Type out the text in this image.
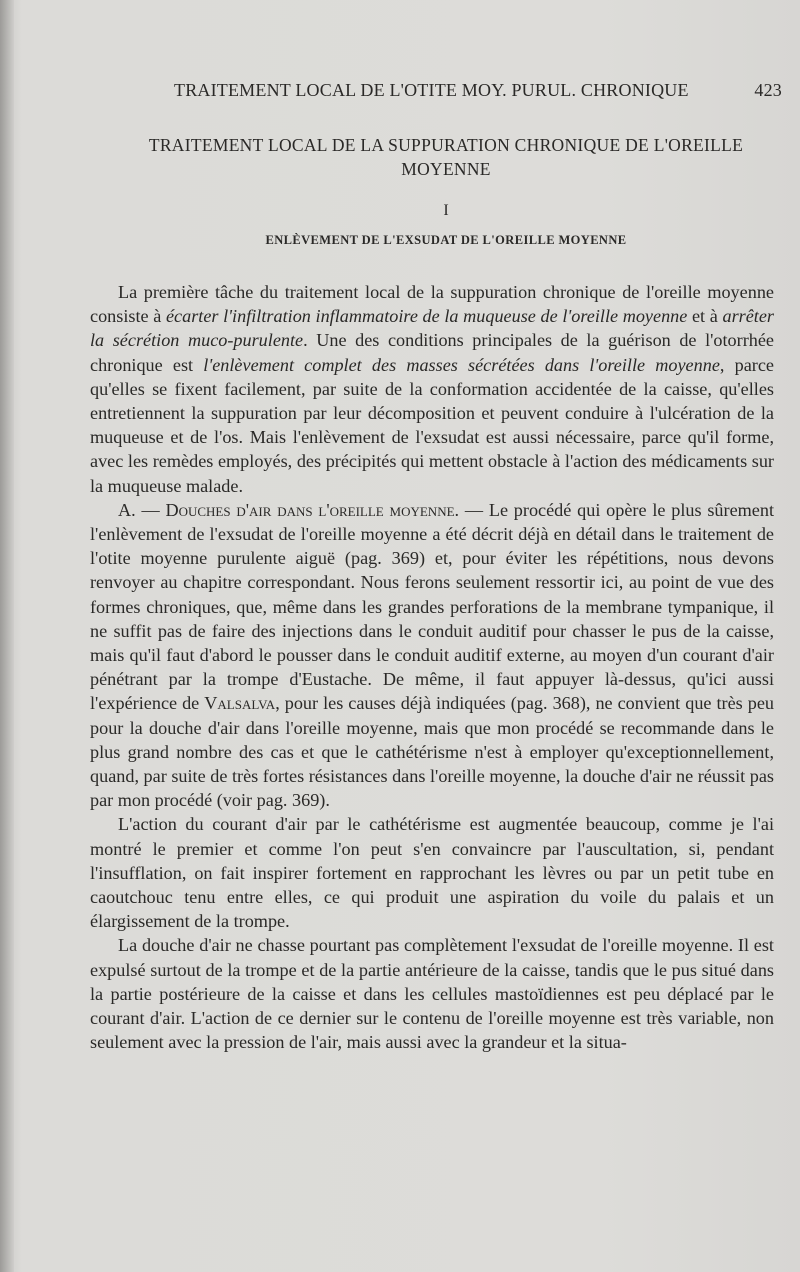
TRAITEMENT LOCAL DE L'OTITE MOY. PURUL. CHRONIQUE	423
TRAITEMENT LOCAL DE LA SUPPURATION CHRONIQUE DE L'OREILLE MOYENNE
I
ENLÈVEMENT DE L'EXSUDAT DE L'OREILLE MOYENNE

La première tâche du traitement local de la suppuration chronique de l'oreille moyenne consiste à écarter l'infiltration inflammatoire de la muqueuse de l'oreille moyenne et à arrêter la sécrétion muco-purulente. Une des conditions principales de la guérison de l'otorrhée chronique est l'enlèvement complet des masses sécrétées dans l'oreille moyenne, parce qu'elles se fixent facilement, par suite de la conformation accidentée de la caisse, qu'elles entretiennent la suppuration par leur décomposition et peuvent conduire à l'ulcération de la muqueuse et de l'os. Mais l'enlèvement de l'exsudat est aussi nécessaire, parce qu'il forme, avec les remèdes employés, des précipités qui mettent obstacle à l'action des médicaments sur la muqueuse malade.

A. — Douches d'air dans l'oreille moyenne. — Le procédé qui opère le plus sûrement l'enlèvement de l'exsudat de l'oreille moyenne a été décrit déjà en détail dans le traitement de l'otite moyenne purulente aiguë (pag. 369) et, pour éviter les répétitions, nous devons renvoyer au chapitre correspondant. Nous ferons seulement ressortir ici, au point de vue des formes chroniques, que, même dans les grandes perforations de la membrane tympanique, il ne suffit pas de faire des injections dans le conduit auditif pour chasser le pus de la caisse, mais qu'il faut d'abord le pousser dans le conduit auditif externe, au moyen d'un courant d'air pénétrant par la trompe d'Eustache. De même, il faut appuyer là-dessus, qu'ici aussi l'expérience de Valsalva, pour les causes déjà indiquées (pag. 368), ne convient que très peu pour la douche d'air dans l'oreille moyenne, mais que mon procédé se recommande dans le plus grand nombre des cas et que le cathétérisme n'est à employer qu'exceptionnellement, quand, par suite de très fortes résistances dans l'oreille moyenne, la douche d'air ne réussit pas par mon procédé (voir pag. 369).

L'action du courant d'air par le cathétérisme est augmentée beaucoup, comme je l'ai montré le premier et comme l'on peut s'en convaincre par l'auscultation, si, pendant l'insufflation, on fait inspirer fortement en rapprochant les lèvres ou par un petit tube en caoutchouc tenu entre elles, ce qui produit une aspiration du voile du palais et un élargissement de la trompe.

La douche d'air ne chasse pourtant pas complètement l'exsudat de l'oreille moyenne. Il est expulsé surtout de la trompe et de la partie antérieure de la caisse, tandis que le pus situé dans la partie postérieure de la caisse et dans les cellules mastoïdiennes est peu déplacé par le courant d'air. L'action de ce dernier sur le contenu de l'oreille moyenne est très variable, non seulement avec la pression de l'air, mais aussi avec la grandeur et la situa-
